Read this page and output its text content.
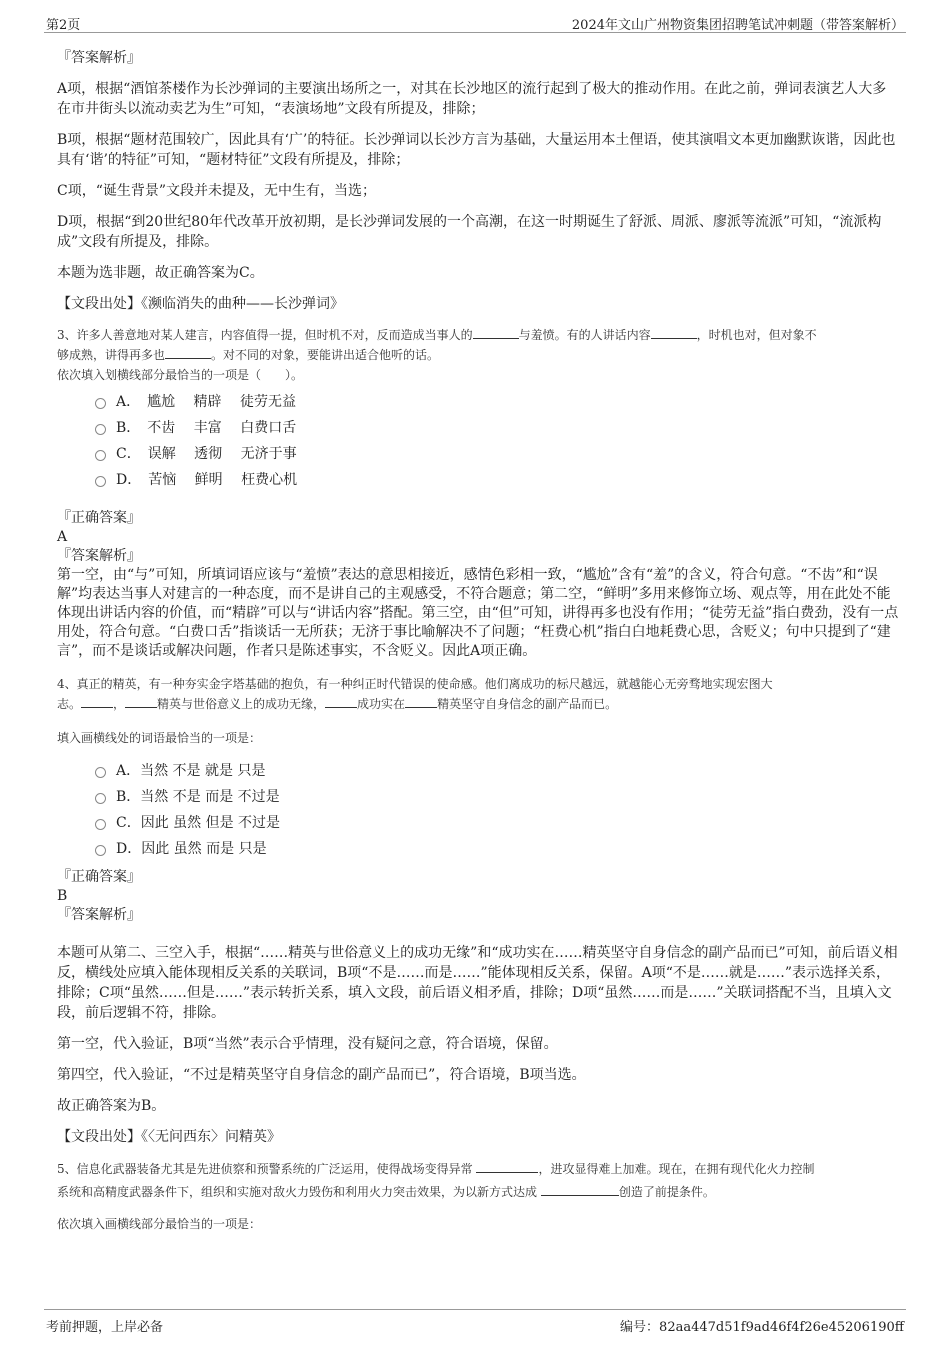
第2页	2024年文山广州物资集团招聘笔试冲刺题（带答案解析）

『答案解析』

A项，根据“酒馆茶楼作为长沙弹词的主要演出场所之一，对其在长沙地区的流行起到了极大的推动作用。在此之前，弹词表演艺人大多在市井街头以流动卖艺为生”可知，“表演场地”文段有所提及，排除；

B项，根据“题材范围较广，因此具有‘广’的特征。长沙弹词以长沙方言为基础，大量运用本土俚语，使其演唱文本更加幽默诙谐，因此也具有‘谐’的特征”可知，“题材特征”文段有所提及，排除；

C项，“诞生背景”文段并未提及，无中生有，当选；

D项，根据“到20世纪80年代改革开放初期，是长沙弹词发展的一个高潮，在这一时期诞生了舒派、周派、廖派等流派”可知，“流派构成”文段有所提及，排除。

本题为选非题，故正确答案为C。

【文段出处】《濒临消失的曲种——长沙弹词》

3、许多人善意地对某人建言，内容值得一提，但时机不对，反而造成当事人的	与羞愤。有的人讲话内容	，时机也对，但对象不
够成熟，讲得再多也	。对不同的对象，要能讲出适合他听的话。

依次填入划横线部分最恰当的一项是（　　）。

A．　尴尬　 精辟　 徒劳无益
B．　不齿　 丰富　 白费口舌
C．　误解　 透彻　 无济于事
D．　苦恼　 鲜明　 枉费心机

『正确答案』

A

『答案解析』

第一空，由“与”可知，所填词语应该与“羞愤”表达的意思相接近，感情色彩相一致，“尴尬”含有“羞”的含义，符合句意。“不齿”和“误解”均表达当事人对建言的一种态度，而不是讲自己的主观感受，不符合题意；第二空，“鲜明”多用来修饰立场、观点等，用在此处不能体现出讲话内容的价值，而“精辟”可以与“讲话内容”搭配。第三空，由“但”可知，讲得再多也没有作用；“徒劳无益”指白费劲，没有一点用处，符合句意。“白费口舌”指谈话一无所获；无济于事比喻解决不了问题；“枉费心机”指白白地耗费心思，含贬义；句中只提到了“建言”，而不是谈话或解决问题，作者只是陈述事实，不含贬义。因此A项正确。

4、真正的精英，有一种夯实金字塔基础的抱负，有一种纠正时代错误的使命感。他们离成功的标尺越远，就越能心无旁骛地实现宏图大
志。	，	精英与世俗意义上的成功无缘，	成功实在	精英坚守自身信念的副产品而已。

填入画横线处的词语最恰当的一项是：

A．当然 不是 就是 只是
B．当然 不是 而是 不过是
C．因此 虽然 但是 不过是
D．因此 虽然 而是 只是

『正确答案』

B

『答案解析』

本题可从第二、三空入手，根据“……精英与世俗意义上的成功无缘”和“成功实在……精英坚守自身信念的副产品而已”可知，前后语义相反，横线处应填入能体现相反关系的关联词，B项“不是……而是……”能体现相反关系，保留。A项“不是……就是……”表示选择关系，排除；C项“虽然……但是……”表示转折关系，填入文段，前后语义相矛盾，排除；D项“虽然……而是……”关联词搭配不当，且填入文段，前后逻辑不符，排除。

第一空，代入验证，B项“当然”表示合乎情理，没有疑问之意，符合语境，保留。

第四空，代入验证，“不过是精英坚守自身信念的副产品而已”，符合语境，B项当选。

故正确答案为B。

【文段出处】《〈无问西东〉问精英》

5、信息化武器装备尤其是先进侦察和预警系统的广泛运用，使得战场变得异常	，进攻显得难上加难。现在，在拥有现代化火力控制
系统和高精度武器条件下，组织和实施对敌火力毁伤和利用火力突击效果，为以新方式达成	创造了前提条件。

依次填入画横线部分最恰当的一项是：

考前押题，上岸必备	编号：82aa447d51f9ad46f4f26e45206190ff
